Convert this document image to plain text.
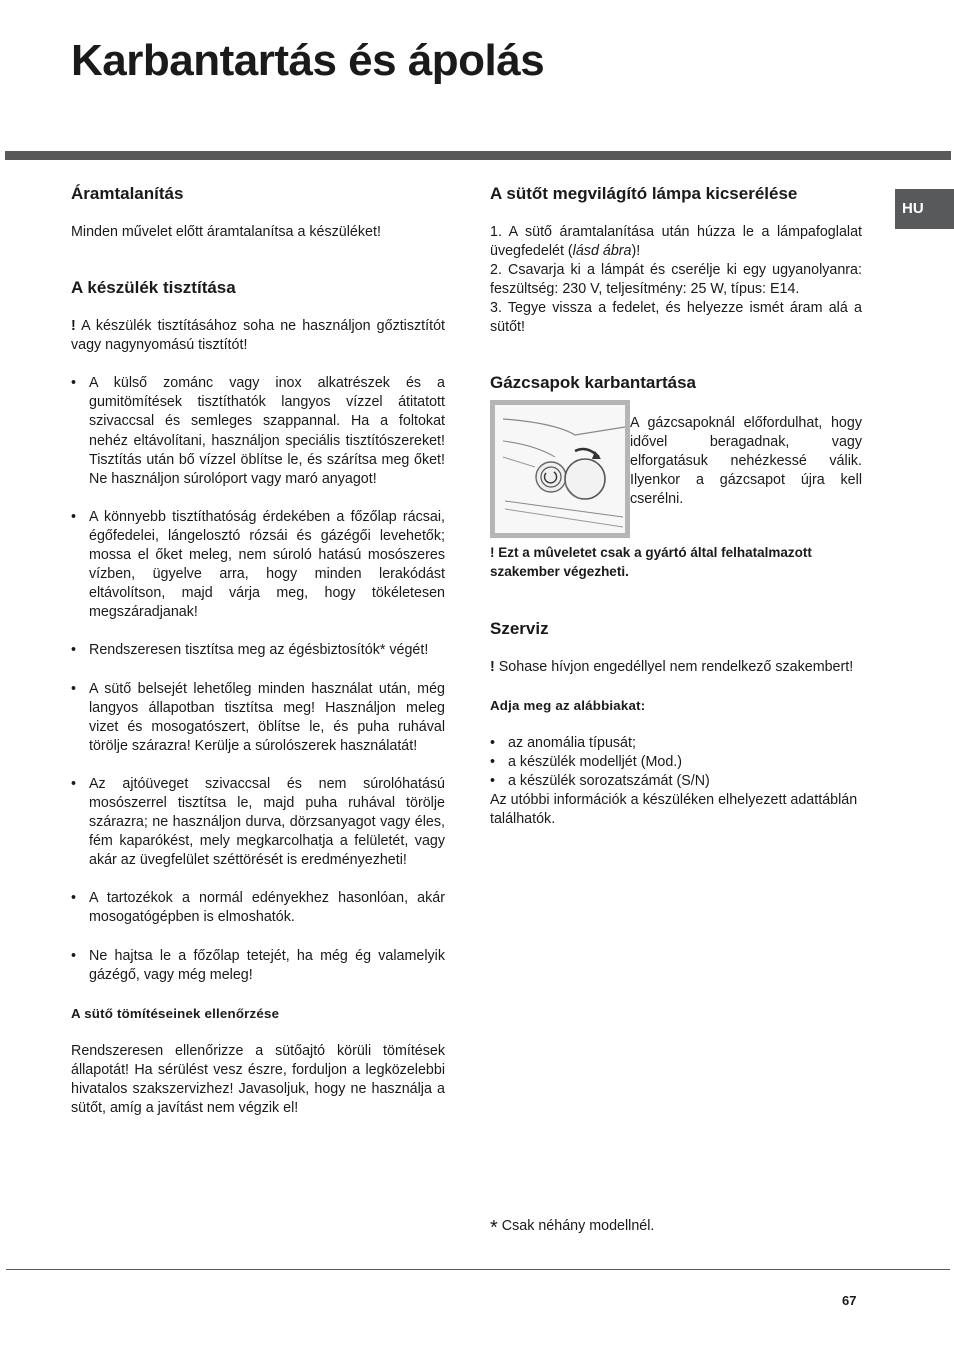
Karbantartás és ápolás
HU
Áramtalanítás

Minden művelet előtt áramtalanítsa a készüléket!

A készülék tisztítása

! A készülék tisztításához soha ne használjon gőztisztítót vagy nagynyomású tisztítót!

• A külső zománc vagy inox alkatrészek és a gumitömítések tisztíthatók langyos vízzel átitatott szivaccsal és semleges szappannal. Ha a foltokat nehéz eltávolítani, használjon speciális tisztítószereket! Tisztítás után bő vízzel öblítse le, és szárítsa meg őket! Ne használjon súrolóport vagy maró anyagot!
• A könnyebb tisztíthatóság érdekében a főzőlap rácsai, égőfedelei, lángelosztó rózsái és gázégői levehetők; mossa el őket meleg, nem súroló hatású mosószeres vízben, ügyelve arra, hogy minden lerakódást eltávolítson, majd várja meg, hogy tökéletesen megszáradjanak!
• Rendszeresen tisztítsa meg az égésbiztosítók* végét!
• A sütő belsejét lehetőleg minden használat után, még langyos állapotban tisztítsa meg! Használjon meleg vizet és mosogatószert, öblítse le, és puha ruhával törölje szárazra! Kerülje a súrolószerek használatát!
• Az ajtóüveget szivaccsal és nem súrolóhatású mosószerrel tisztítsa le, majd puha ruhával törölje szárazra; ne használjon durva, dörzsanyagot vagy éles, fém kaparókést, mely megkarcolhatja a felületét, vagy akár az üvegfelület széttörését is eredményezheti!
• A tartozékok a normál edényekhez hasonlóan, akár mosogatógépben is elmoshatók.
• Ne hajtsa le a főzőlap tetejét, ha még ég valamelyik gázégő, vagy még meleg!

A sütő tömítéseinek ellenőrzése

Rendszeresen ellenőrizze a sütőajtó körüli tömítések állapotát! Ha sérülést vesz észre, forduljon a legközelebbi hivatalos szakszervizhez! Javasoljuk, hogy ne használja a sütőt, amíg a javítást nem végzik el!

A sütőt megvilágító lámpa kicserélése

1. A sütő áramtalanítása után húzza le a lámpafoglalat üvegfedelét (lásd ábra)!

2. Csavarja ki a lámpát és cserélje ki egy ugyanolyanra: feszültség: 230 V, teljesítmény: 25 W, típus: E14.

3. Tegye vissza a fedelet, és helyezze ismét áram alá a sütőt!

Gázcsapok karbantartása

A gázcsapoknál előfordulhat, hogy idővel beragadnak, vagy elforgatásuk nehézkessé válik. Ilyenkor a gázcsapot újra kell cserélni.

! Ezt a mûveletet csak a gyártó által felhatalmazott szakember végezheti.

Szerviz

! Sohase hívjon engedéllyel nem rendelkező szakembert!

Adja meg az alábbiakat:

• az anomália típusát;
• a készülék modelljét (Mod.)
• a készülék sorozatszámát (S/N)

Az utóbbi információk a készüléken elhelyezett adattáblán találhatók.

* Csak néhány modellnél.
67
